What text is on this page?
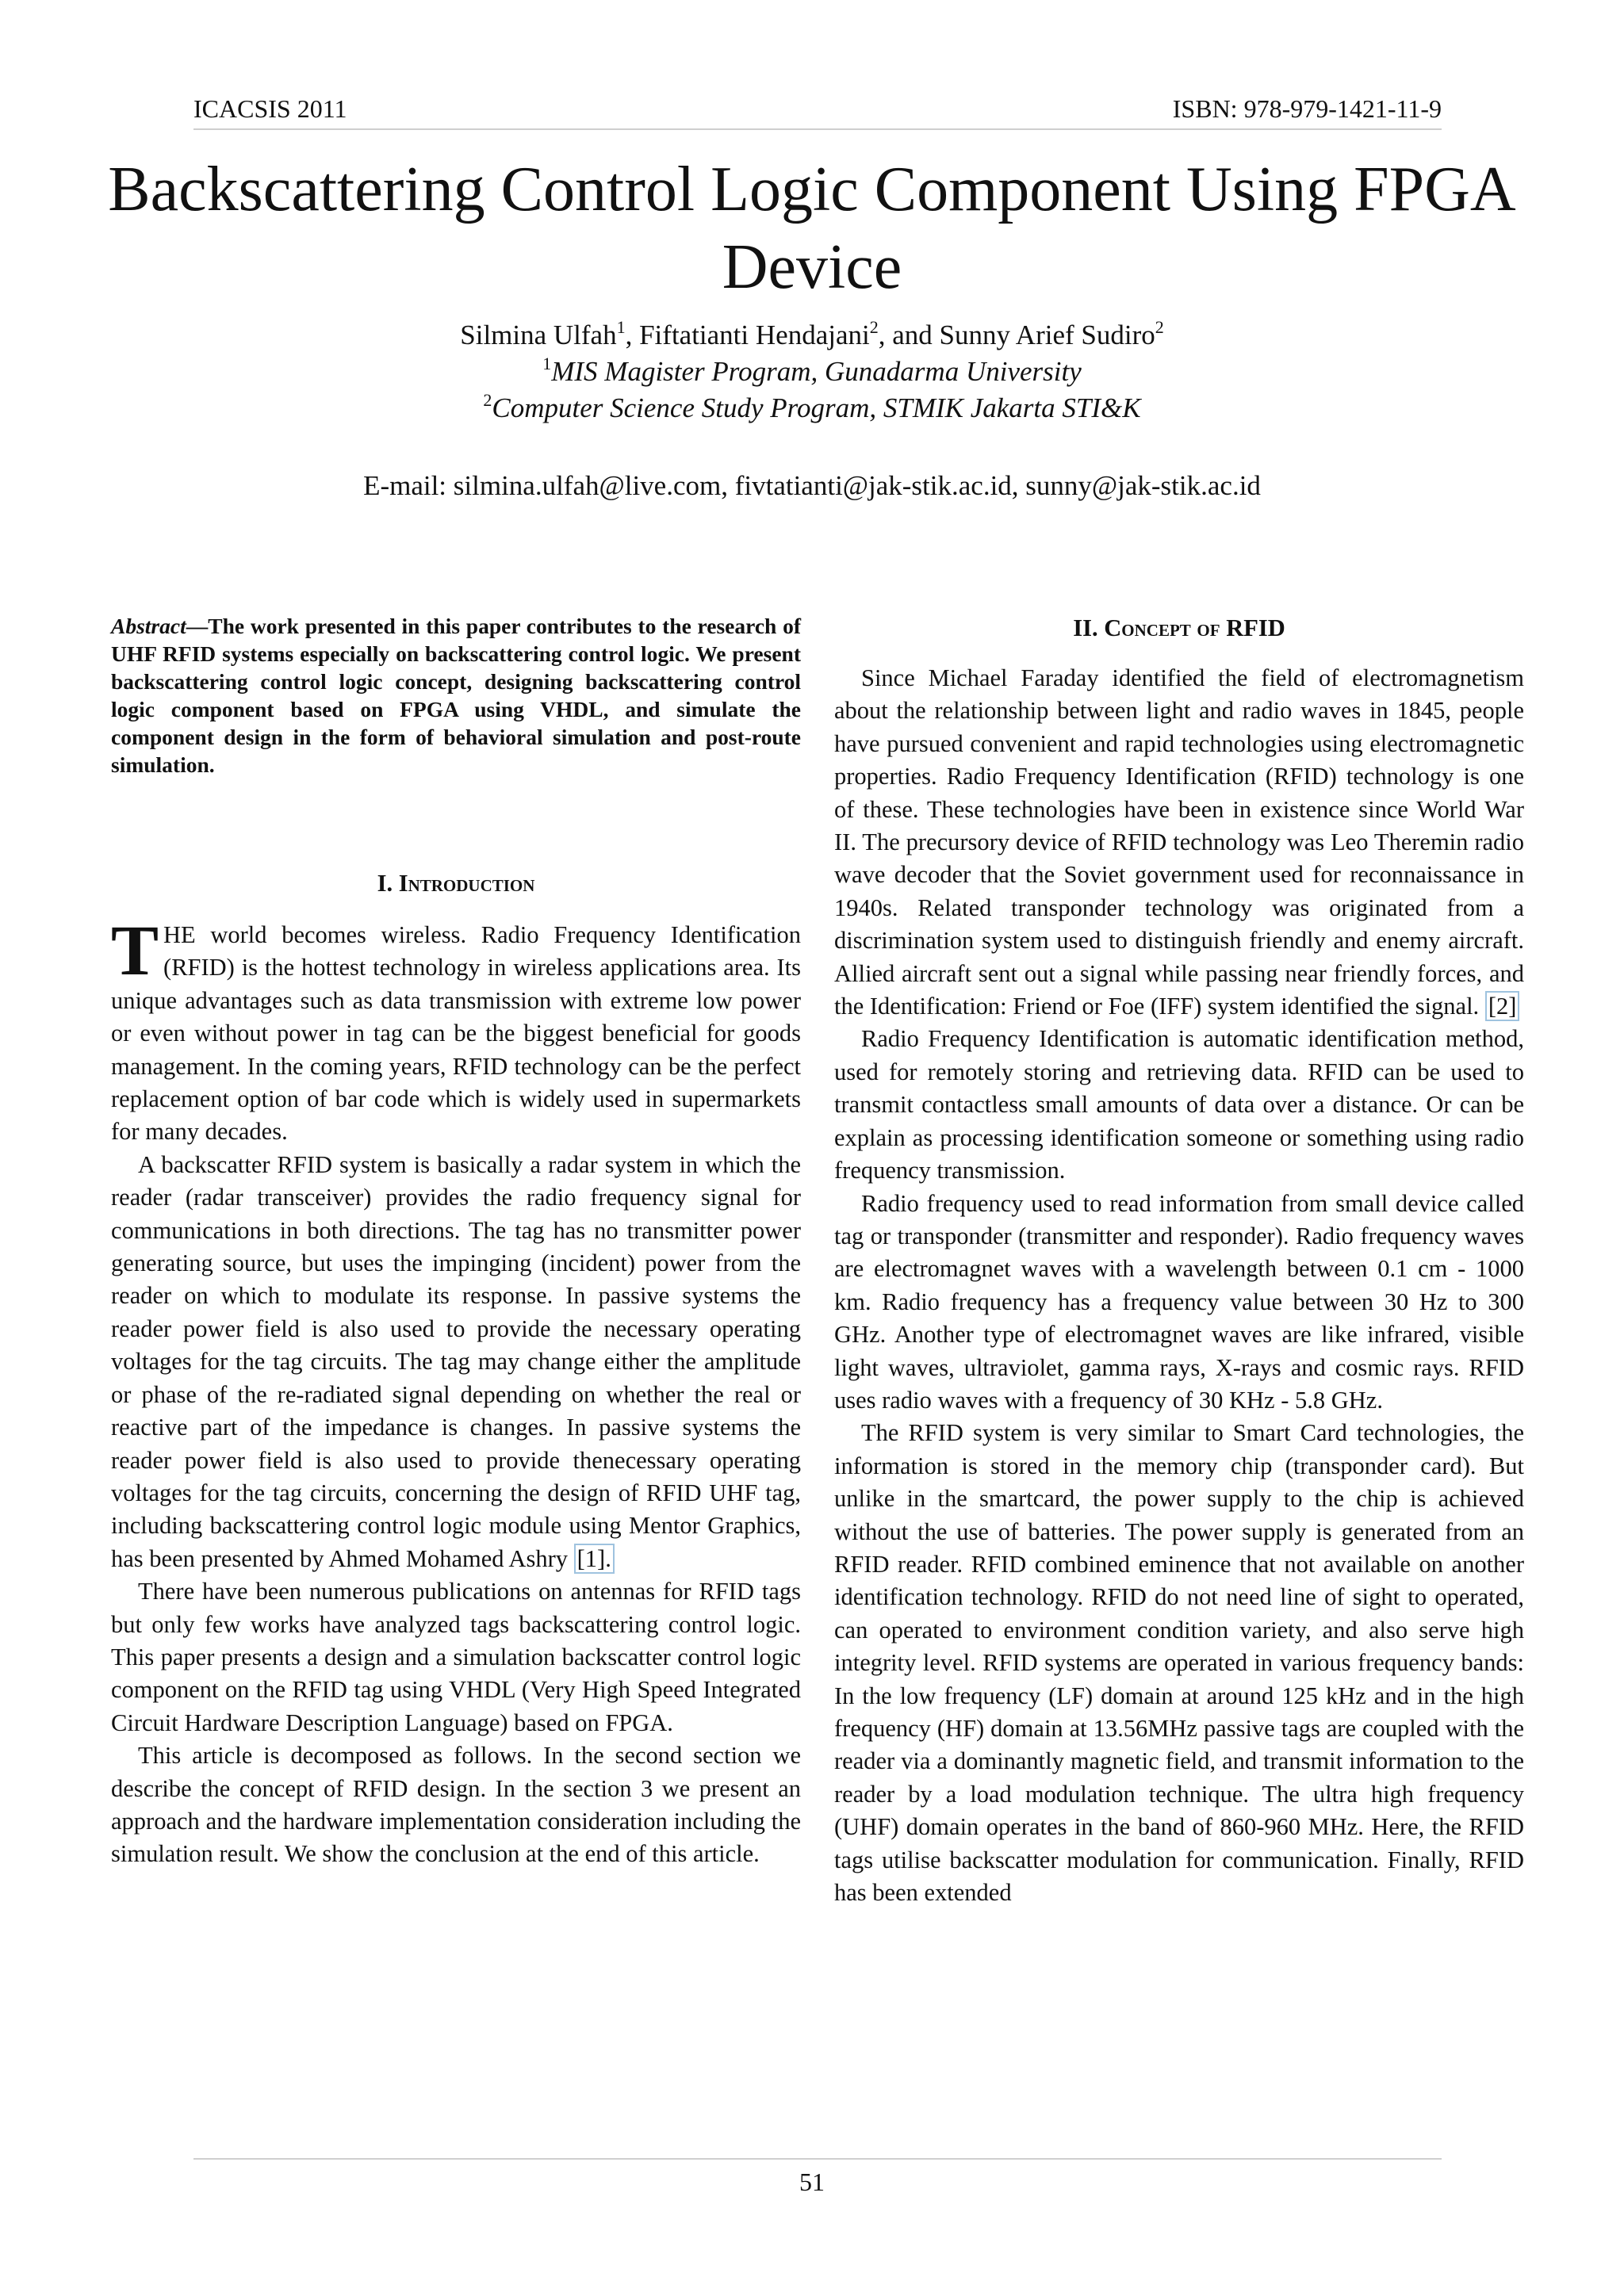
ICACSIS 2011	ISBN: 978-979-1421-11-9
Backscattering Control Logic Component Using FPGA Device
Silmina Ulfah$^1$, Fiftatianti Hendajani$^2$, and Sunny Arief Sudiro$^2$
$^1$MIS Magister Program, Gunadarma University
$^2$Computer Science Study Program, STMIK Jakarta STI&K
E-mail: silmina.ulfah@live.com, fivtatianti@jak-stik.ac.id, sunny@jak-stik.ac.id

Abstract—The work presented in this paper contributes to the research of UHF RFID systems especially on backscattering control logic. We present backscattering control logic concept, designing backscattering control logic component based on FPGA using VHDL, and simulate the component design in the form of behavioral simulation and post-route simulation.

I. Introduction

THE world becomes wireless. Radio Frequency Identification (RFID) is the hottest technology in wireless applications area. Its unique advantages such as data transmission with extreme low power or even without power in tag can be the biggest beneficial for goods management. In the coming years, RFID technology can be the perfect replacement option of bar code which is widely used in supermarkets for many decades.

A backscatter RFID system is basically a radar system in which the reader (radar transceiver) provides the radio frequency signal for communications in both directions. The tag has no transmitter power generating source, but uses the impinging (incident) power from the reader on which to modulate its response. In passive systems the reader power field is also used to provide the necessary operating voltages for the tag circuits. The tag may change either the amplitude or phase of the re-radiated signal depending on whether the real or reactive part of the impedance is changes. In passive systems the reader power field is also used to provide thenecessary operating voltages for the tag circuits, concerning the design of RFID UHF tag, including backscattering control logic module using Mentor Graphics, has been presented by Ahmed Mohamed Ashry [1].

There have been numerous publications on antennas for RFID tags but only few works have analyzed tags backscattering control logic. This paper presents a design and a simulation backscatter control logic component on the RFID tag using VHDL (Very High Speed Integrated Circuit Hardware Description Language) based on FPGA.

This article is decomposed as follows. In the second section we describe the concept of RFID design. In the section 3 we present an approach and the hardware implementation consideration including the simulation result. We show the conclusion at the end of this article.

II. Concept of RFID

Since Michael Faraday identified the field of electromagnetism about the relationship between light and radio waves in 1845, people have pursued convenient and rapid technologies using electromagnetic properties. Radio Frequency Identification (RFID) technology is one of these. These technologies have been in existence since World War II. The precursory device of RFID technology was Leo Theremin radio wave decoder that the Soviet government used for reconnaissance in 1940s. Related transponder technology was originated from a discrimination system used to distinguish friendly and enemy aircraft. Allied aircraft sent out a signal while passing near friendly forces, and the Identification: Friend or Foe (IFF) system identified the signal. [2]

Radio Frequency Identification is automatic identification method, used for remotely storing and retrieving data. RFID can be used to transmit contactless small amounts of data over a distance. Or can be explain as processing identification someone or something using radio frequency transmission.

Radio frequency used to read information from small device called tag or transponder (transmitter and responder). Radio frequency waves are electromagnet waves with a wavelength between 0.1 cm - 1000 km. Radio frequency has a frequency value between 30 Hz to 300 GHz. Another type of electromagnet waves are like infrared, visible light waves, ultraviolet, gamma rays, X-rays and cosmic rays. RFID uses radio waves with a frequency of 30 KHz - 5.8 GHz.

The RFID system is very similar to Smart Card technologies, the information is stored in the memory chip (transponder card). But unlike in the smartcard, the power supply to the chip is achieved without the use of batteries. The power supply is generated from an RFID reader. RFID combined eminence that not available on another identification technology. RFID do not need line of sight to operated, can operated to environment condition variety, and also serve high integrity level. RFID systems are operated in various frequency bands: In the low frequency (LF) domain at around 125 kHz and in the high frequency (HF) domain at 13.56MHz passive tags are coupled with the reader via a dominantly magnetic field, and transmit information to the reader by a load modulation technique. The ultra high frequency (UHF) domain operates in the band of 860-960 MHz. Here, the RFID tags utilise backscatter modulation for communication. Finally, RFID has been extended

51
